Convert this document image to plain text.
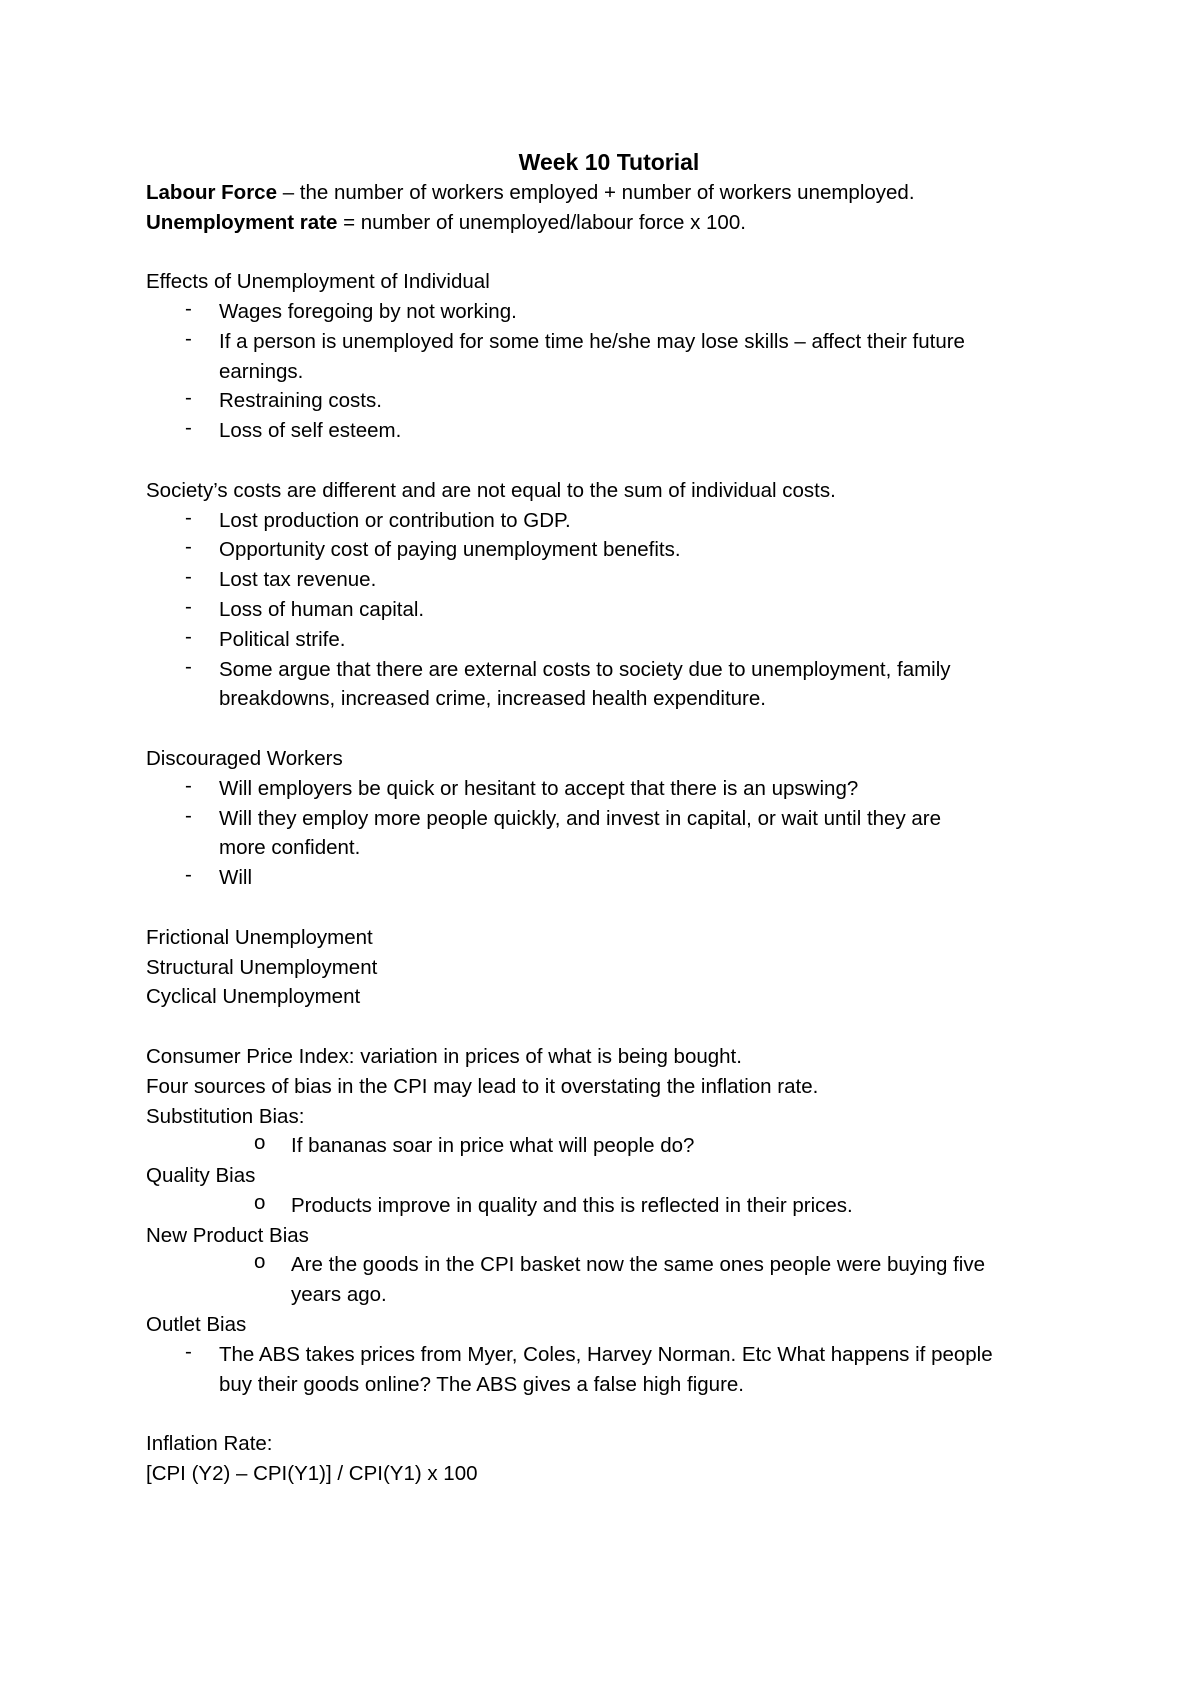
Week 10 Tutorial
Labour Force – the number of workers employed + number of workers unemployed.
Unemployment rate = number of unemployed/labour force x 100.
Effects of Unemployment of Individual
- Wages foregoing by not working.
- If a person is unemployed for some time he/she may lose skills – affect their future
earnings.
- Restraining costs.
- Loss of self esteem.
Society’s costs are different and are not equal to the sum of individual costs.
- Lost production or contribution to GDP.
- Opportunity cost of paying unemployment benefits.
- Lost tax revenue.
- Loss of human capital.
- Political strife.
- Some argue that there are external costs to society due to unemployment, family
breakdowns, increased crime, increased health expenditure.
Discouraged Workers
- Will employers be quick or hesitant to accept that there is an upswing?
- Will they employ more people quickly, and invest in capital, or wait until they are
more confident.
- Will
Frictional Unemployment
Structural Unemployment
Cyclical Unemployment
Consumer Price Index: variation in prices of what is being bought.
Four sources of bias in the CPI may lead to it overstating the inflation rate.
Substitution Bias:
o If bananas soar in price what will people do?
Quality Bias
o Products improve in quality and this is reflected in their prices.
New Product Bias
o Are the goods in the CPI basket now the same ones people were buying five
years ago.
Outlet Bias
- The ABS takes prices from Myer, Coles, Harvey Norman. Etc What happens if people
buy their goods online? The ABS gives a false high figure.
Inflation Rate:
[CPI (Y2) – CPI(Y1)] / CPI(Y1) x 100
